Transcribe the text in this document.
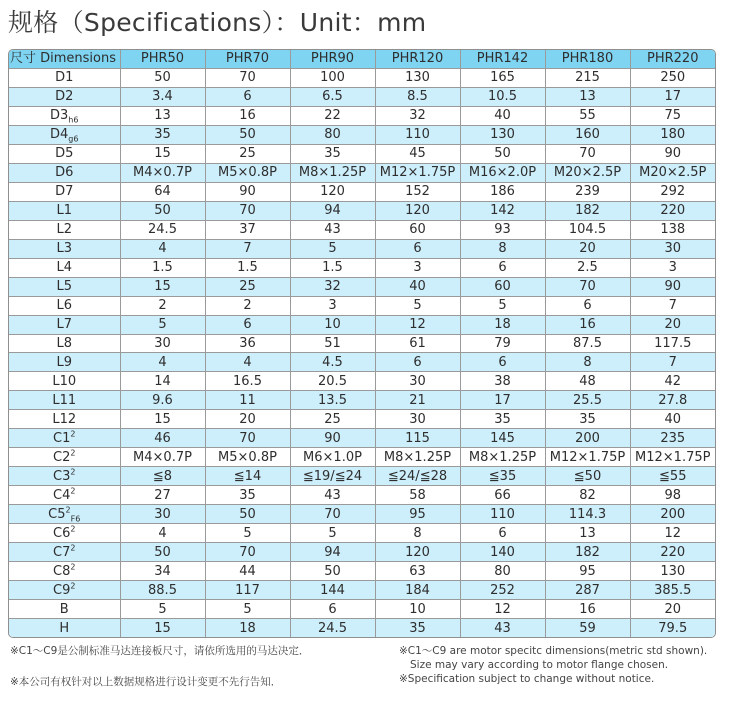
规格（Specifications）：Unit：mm
尺寸 Dimensions	PHR50	PHR70	PHR90	PHR120	PHR142	PHR180	PHR220
D1	50	70	100	130	165	215	250
D2	3.4	6	6.5	8.5	10.5	13	17
$D3_{h6}$	13	16	22	32	40	55	75
$D4_{g6}$	35	50	80	110	130	160	180
D5	15	25	35	45	50	70	90
D6	M4×0.7P	M5×0.8P	M8×1.25P	M12×1.75P	M16×2.0P	M20×2.5P	M20×2.5P
D7	64	90	120	152	186	239	292
L1	50	70	94	120	142	182	220
L2	24.5	37	43	60	93	104.5	138
L3	4	7	5	6	8	20	30
L4	1.5	1.5	1.5	3	6	2.5	3
L5	15	25	32	40	60	70	90
L6	2	2	3	5	5	6	7
L7	5	6	10	12	18	16	20
L8	30	36	51	61	79	87.5	117.5
L9	4	4	4.5	6	6	8	7
L10	14	16.5	20.5	30	38	48	42
L11	9.6	11	13.5	21	17	25.5	27.8
L12	15	20	25	30	35	35	40
$C1^2$	46	70	90	115	145	200	235
$C2^2$	M4×0.7P	M5×0.8P	M6×1.0P	M8×1.25P	M8×1.25P	M12×1.75P	M12×1.75P
$C3^2$	≦8	≦14	≦19/≦24	≦24/≦28	≦35	≦50	≦55
$C4^2$	27	35	43	58	66	82	98
$C5^2_{F6}$	30	50	70	95	110	114.3	200
$C6^2$	4	5	5	8	6	13	12
$C7^2$	50	70	94	120	140	182	220
$C8^2$	34	44	50	63	80	95	130
$C9^2$	88.5	117	144	184	252	287	385.5
B	5	5	6	10	12	16	20
H	15	18	24.5	35	43	59	79.5
※C1～C9是公制标准马达连接板尺寸，请依所选用的马达决定．
※本公司有权针对以上数据规格进行设计变更不先行告知．
※C1～C9 are motor specitc dimensions(metric std shown).
Size may vary according to motor flange chosen.
※Specification subject to change without notice.
